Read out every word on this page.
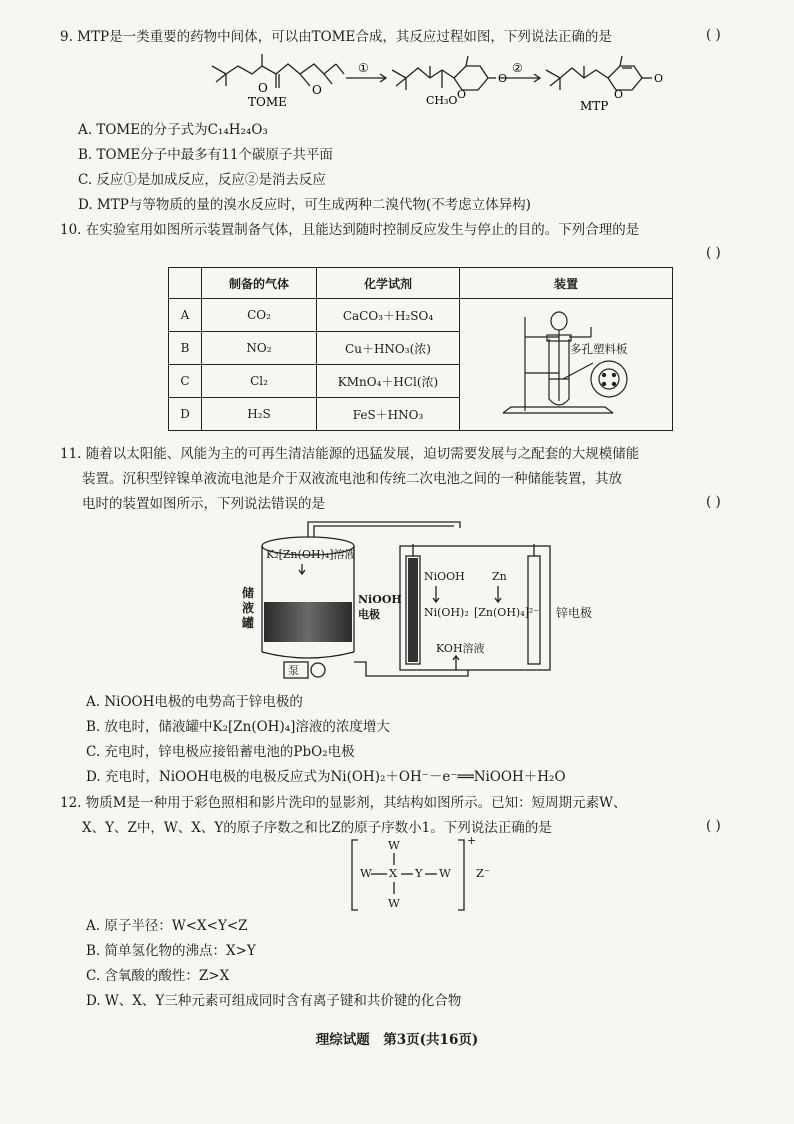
9. MTP是一类重要的药物中间体，可以由TOME合成，其反应过程如图，下列说法正确的是	( )
O	O
TOME
①
CH₃O O
O
②
O
O
MTP
A. TOME的分子式为C₁₄H₂₄O₃
B. TOME分子中最多有11个碳原子共平面
C. 反应①是加成反应，反应②是消去反应
D. MTP与等物质的量的溴水反应时，可生成两种二溴代物(不考虑立体异构)
10. 在实验室用如图所示装置制备气体，且能达到随时控制反应发生与停止的目的。下列合理的是
( )
	制备的气体	化学试剂	装置
A	CO₂	CaCO₃＋H₂SO₄	多孔塑料板

B	NO₂	Cu＋HNO₃(浓)	
C	Cl₂	KMnO₄＋HCl(浓)	
D	H₂S	FeS＋HNO₃	
11. 随着以太阳能、风能为主的可再生清洁能源的迅猛发展，迫切需要发展与之配套的大规模储能
装置。沉积型锌镍单液流电池是介于双液流电池和传统二次电池之间的一种储能装置，其放
电时的装置如图所示，下列说法错误的是	( )
储液罐
K₂[Zn(OH)₄]溶液
NiOOH电极
NiOOH
Ni(OH)₂
Zn
[Zn(OH)₄]²⁻ 锌电极
KOH溶液
泵
A. NiOOH电极的电势高于锌电极的
B. 放电时，储液罐中K₂[Zn(OH)₄]溶液的浓度增大
C. 充电时，锌电极应接铅蓄电池的PbO₂电极
D. 充电时，NiOOH电极的电极反应式为Ni(OH)₂＋OH⁻－e⁻══NiOOH＋H₂O
12. 物质M是一种用于彩色照相和影片洗印的显影剂，其结构如图所示。已知：短周期元素W、
X、Y、Z中，W、X、Y的原子序数之和比Z的原子序数小1。下列说法正确的是	( )
W
W X Y W
W
+
Z⁻
A. 原子半径：W<X<Y<Z
B. 简单氢化物的沸点：X>Y
C. 含氧酸的酸性：Z>X
D. W、X、Y三种元素可组成同时含有离子键和共价键的化合物
理综试题　第3页(共16页)
